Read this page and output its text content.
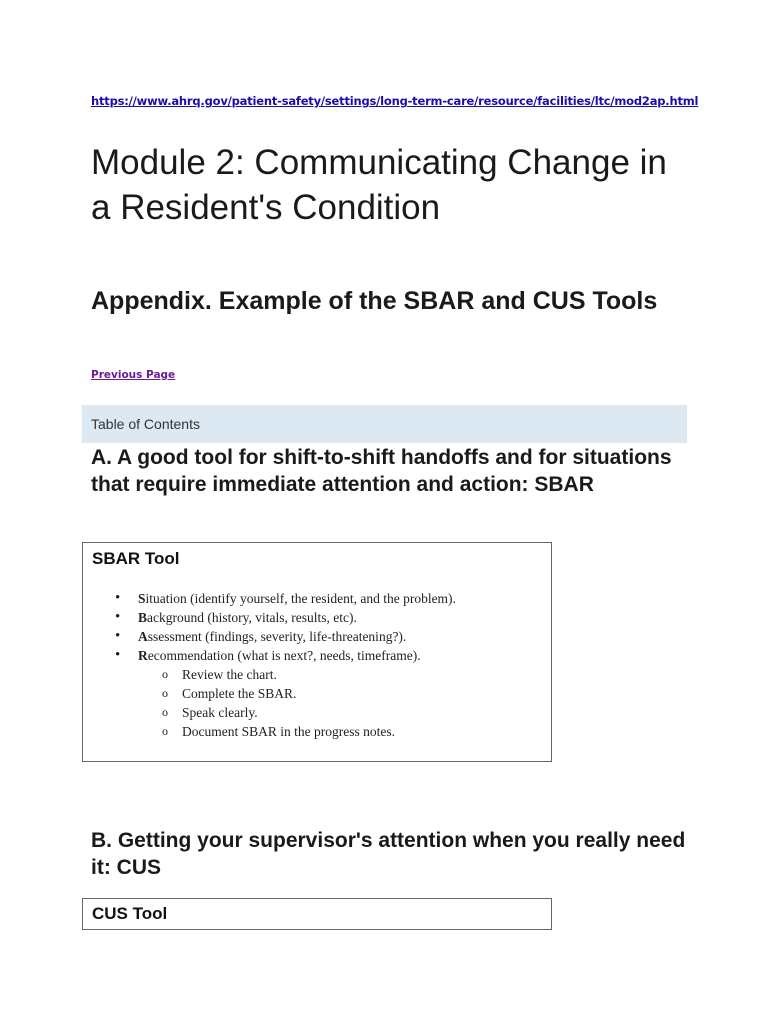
https://www.ahrq.gov/patient-safety/settings/long-term-care/resource/facilities/ltc/mod2ap.html
Module 2: Communicating Change in a Resident's Condition
Appendix. Example of the SBAR and CUS Tools
Previous Page
Table of Contents
A. A good tool for shift-to-shift handoffs and for situations that require immediate attention and action: SBAR
SBAR Tool
• Situation (identify yourself, the resident, and the problem).
• Background (history, vitals, results, etc).
• Assessment (findings, severity, life-threatening?).
• Recommendation (what is next?, needs, timeframe).
o Review the chart.
o Complete the SBAR.
o Speak clearly.
o Document SBAR in the progress notes.
B. Getting your supervisor's attention when you really need it: CUS
CUS Tool
